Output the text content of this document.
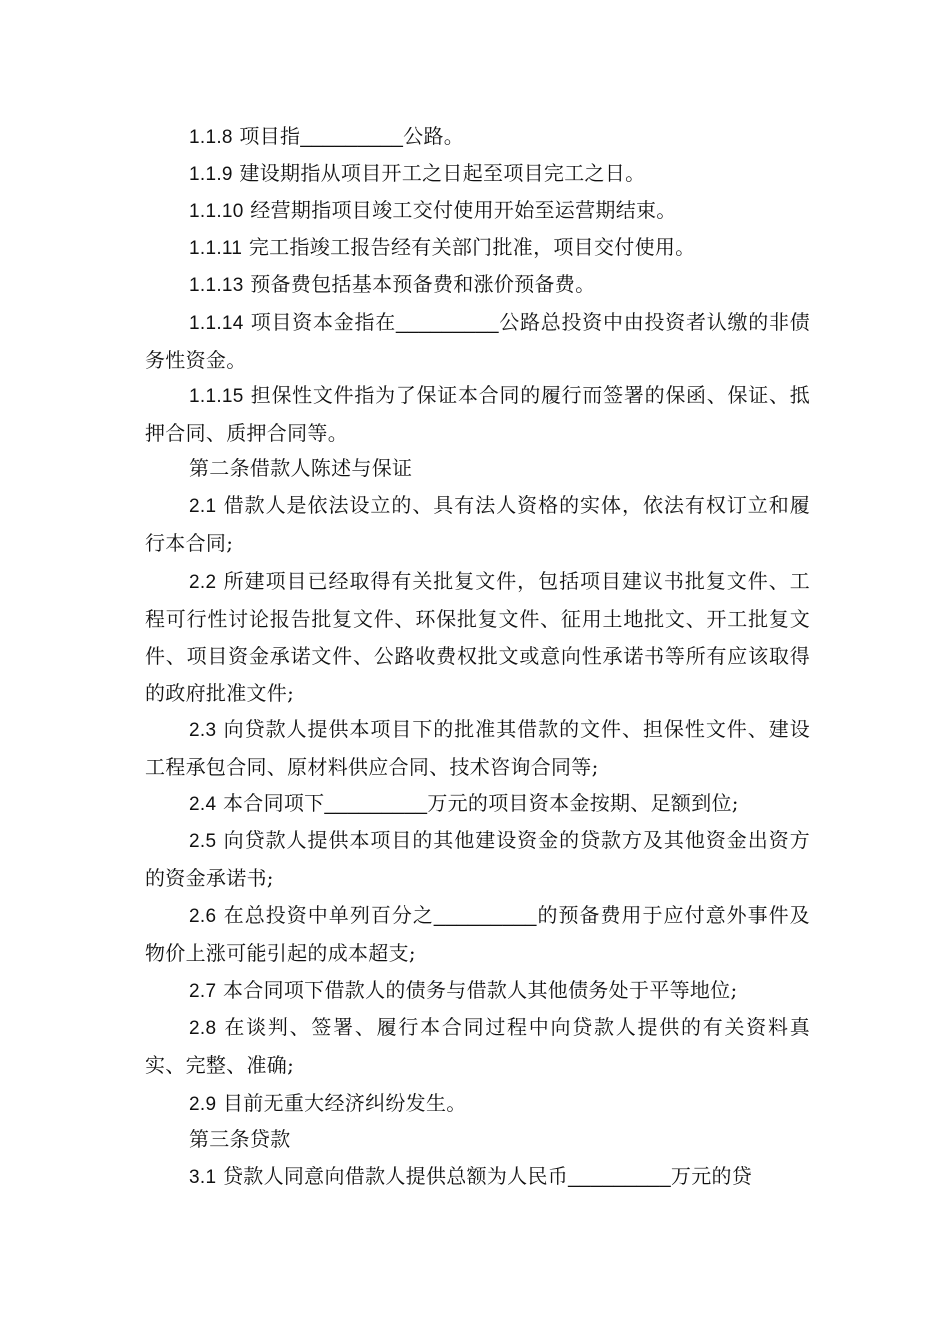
1.1.8 项目指_________公路。

1.1.9 建设期指从项目开工之日起至项目完工之日。

1.1.10 经营期指项目竣工交付使用开始至运营期结束。

1.1.11 完工指竣工报告经有关部门批准，项目交付使用。

1.1.13 预备费包括基本预备费和涨价预备费。

1.1.14 项目资本金指在_________公路总投资中由投资者认缴的非债务性资金。

1.1.15 担保性文件指为了保证本合同的履行而签署的保函、保证、抵押合同、质押合同等。

第二条借款人陈述与保证

2.1 借款人是依法设立的、具有法人资格的实体，依法有权订立和履行本合同;

2.2 所建项目已经取得有关批复文件，包括项目建议书批复文件、工程可行性讨论报告批复文件、环保批复文件、征用土地批文、开工批复文件、项目资金承诺文件、公路收费权批文或意向性承诺书等所有应该取得的政府批准文件;

2.3 向贷款人提供本项目下的批准其借款的文件、担保性文件、建设工程承包合同、原材料供应合同、技术咨询合同等;

2.4 本合同项下_________万元的项目资本金按期、足额到位;

2.5 向贷款人提供本项目的其他建设资金的贷款方及其他资金出资方的资金承诺书;

2.6 在总投资中单列百分之_________的预备费用于应付意外事件及物价上涨可能引起的成本超支;

2.7 本合同项下借款人的债务与借款人其他债务处于平等地位;

2.8 在谈判、签署、履行本合同过程中向贷款人提供的有关资料真实、完整、准确;

2.9 目前无重大经济纠纷发生。

第三条贷款

3.1 贷款人同意向借款人提供总额为人民币_________万元的贷
